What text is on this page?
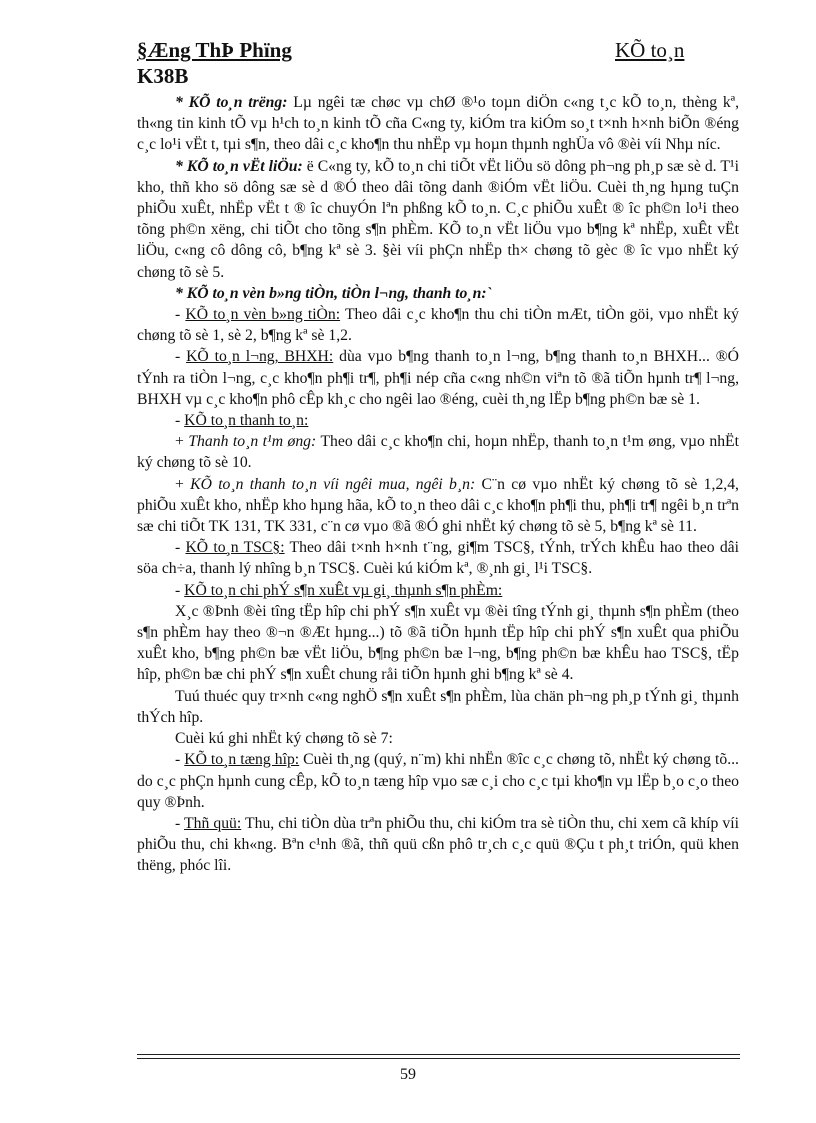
§Æng ThÞ Phïng	KÕ to¸n
K38B

* KÕ to¸n trëng: Lµ ngêi tæ chøc vµ chØ ®¹o toµn diÖn c«ng t¸c kÕ to¸n, thèng kª, th«ng tin kinh tÕ vµ h¹ch to¸n kinh tÕ cña C«ng ty, kiÓm tra kiÓm so¸t t×nh h×nh biÕn ®éng c¸c lo¹i vËt t, tµi s¶n, theo dâi c¸c kho¶n thu nhËp vµ hoµn thµnh nghÜa vô ®èi víi Nhµ níc.

* KÕ to¸n vËt liÖu: ë C«ng ty, kÕ to¸n chi tiÕt vËt liÖu sö dông ph¬ng ph¸p sæ sè d. T¹i kho, thñ kho sö dông sæ sè d ®Ó theo dâi tõng danh ®iÓm vËt liÖu. Cuèi th¸ng hµng tuÇn phiÕu xuÊt, nhËp vËt t ® îc chuyÓn lªn phßng kÕ to¸n. C¸c phiÕu xuÊt ® îc ph©n lo¹i theo tõng ph©n xëng, chi tiÕt cho tõng s¶n phÈm. KÕ to¸n vËt liÖu vµo b¶ng kª nhËp, xuÊt vËt liÖu, c«ng cô dông cô, b¶ng kª sè 3. §èi víi phÇn nhËp th× chøng tõ gèc ® îc vµo nhËt ký chøng tõ sè 5.

* KÕ to¸n vèn b»ng tiÒn, tiÒn l¬ng, thanh to¸n:`

- KÕ to¸n vèn b»ng tiÒn: Theo dâi c¸c kho¶n thu chi tiÒn mÆt, tiÒn göi, vµo nhËt ký chøng tõ sè 1, sè 2, b¶ng kª sè 1,2.

- KÕ to¸n l¬ng, BHXH: dùa vµo b¶ng thanh to¸n l¬ng, b¶ng thanh to¸n BHXH... ®Ó tÝnh ra tiÒn l¬ng, c¸c kho¶n ph¶i tr¶, ph¶i nép cña c«ng nh©n viªn tõ ®ã tiÕn hµnh tr¶ l¬ng, BHXH vµ c¸c kho¶n phô cÊp kh¸c cho ngêi lao ®éng, cuèi th¸ng lËp b¶ng ph©n bæ sè 1.

- KÕ to¸n thanh to¸n:

+ Thanh to¸n t¹m øng: Theo dâi c¸c kho¶n chi, hoµn nhËp, thanh to¸n t¹m øng, vµo nhËt ký chøng tõ sè 10.

+ KÕ to¸n thanh to¸n víi ngêi mua, ngêi b¸n: C¨n cø vµo nhËt ký chøng tõ sè 1,2,4, phiÕu xuÊt kho, nhËp kho hµng hãa, kÕ to¸n theo dâi c¸c kho¶n ph¶i thu, ph¶i tr¶ ngêi b¸n trªn sæ chi tiÕt TK 131, TK 331, c¨n cø vµo ®ã ®Ó ghi nhËt ký chøng tõ sè 5, b¶ng kª sè 11.

- KÕ to¸n TSC§: Theo dâi t×nh h×nh t¨ng, gi¶m TSC§, tÝnh, trÝch khÊu hao theo dâi söa ch÷a, thanh lý nhîng b¸n TSC§. Cuèi kú kiÓm kª, ®¸nh gi¸ l¹i TSC§.

- KÕ to¸n chi phÝ s¶n xuÊt vµ gi¸ thµnh s¶n phÈm:

X¸c ®Þnh ®èi tîng tËp hîp chi phÝ s¶n xuÊt vµ ®èi tîng tÝnh gi¸ thµnh s¶n phÈm (theo s¶n phÈm hay theo ®¬n ®Æt hµng...) tõ ®ã tiÕn hµnh tËp hîp chi phÝ s¶n xuÊt qua phiÕu xuÊt kho, b¶ng ph©n bæ vËt liÖu, b¶ng ph©n bæ l¬ng, b¶ng ph©n bæ khÊu hao TSC§, tËp hîp, ph©n bæ chi phÝ s¶n xuÊt chung råi tiÕn hµnh ghi b¶ng kª sè 4.

Tuú thuéc quy tr×nh c«ng nghÖ s¶n xuÊt s¶n phÈm, lùa chän ph¬ng ph¸p tÝnh gi¸ thµnh thÝch hîp.

Cuèi kú ghi nhËt ký chøng tõ sè 7:

- KÕ to¸n tæng hîp: Cuèi th¸ng (quý, n¨m) khi nhËn ®îc c¸c chøng tõ, nhËt ký chøng tõ... do c¸c phÇn hµnh cung cÊp, kÕ to¸n tæng hîp vµo sæ c¸i cho c¸c tµi kho¶n vµ lËp b¸o c¸o theo quy ®Þnh.

- Thñ quü: Thu, chi tiÒn dùa trªn phiÕu thu, chi kiÓm tra sè tiÒn thu, chi xem cã khíp víi phiÕu thu, chi kh«ng. Bªn c¹nh ®ã, thñ quü cßn phô tr¸ch c¸c quü ®Çu t ph¸t triÓn, quü khen thëng, phóc lîi.

59
